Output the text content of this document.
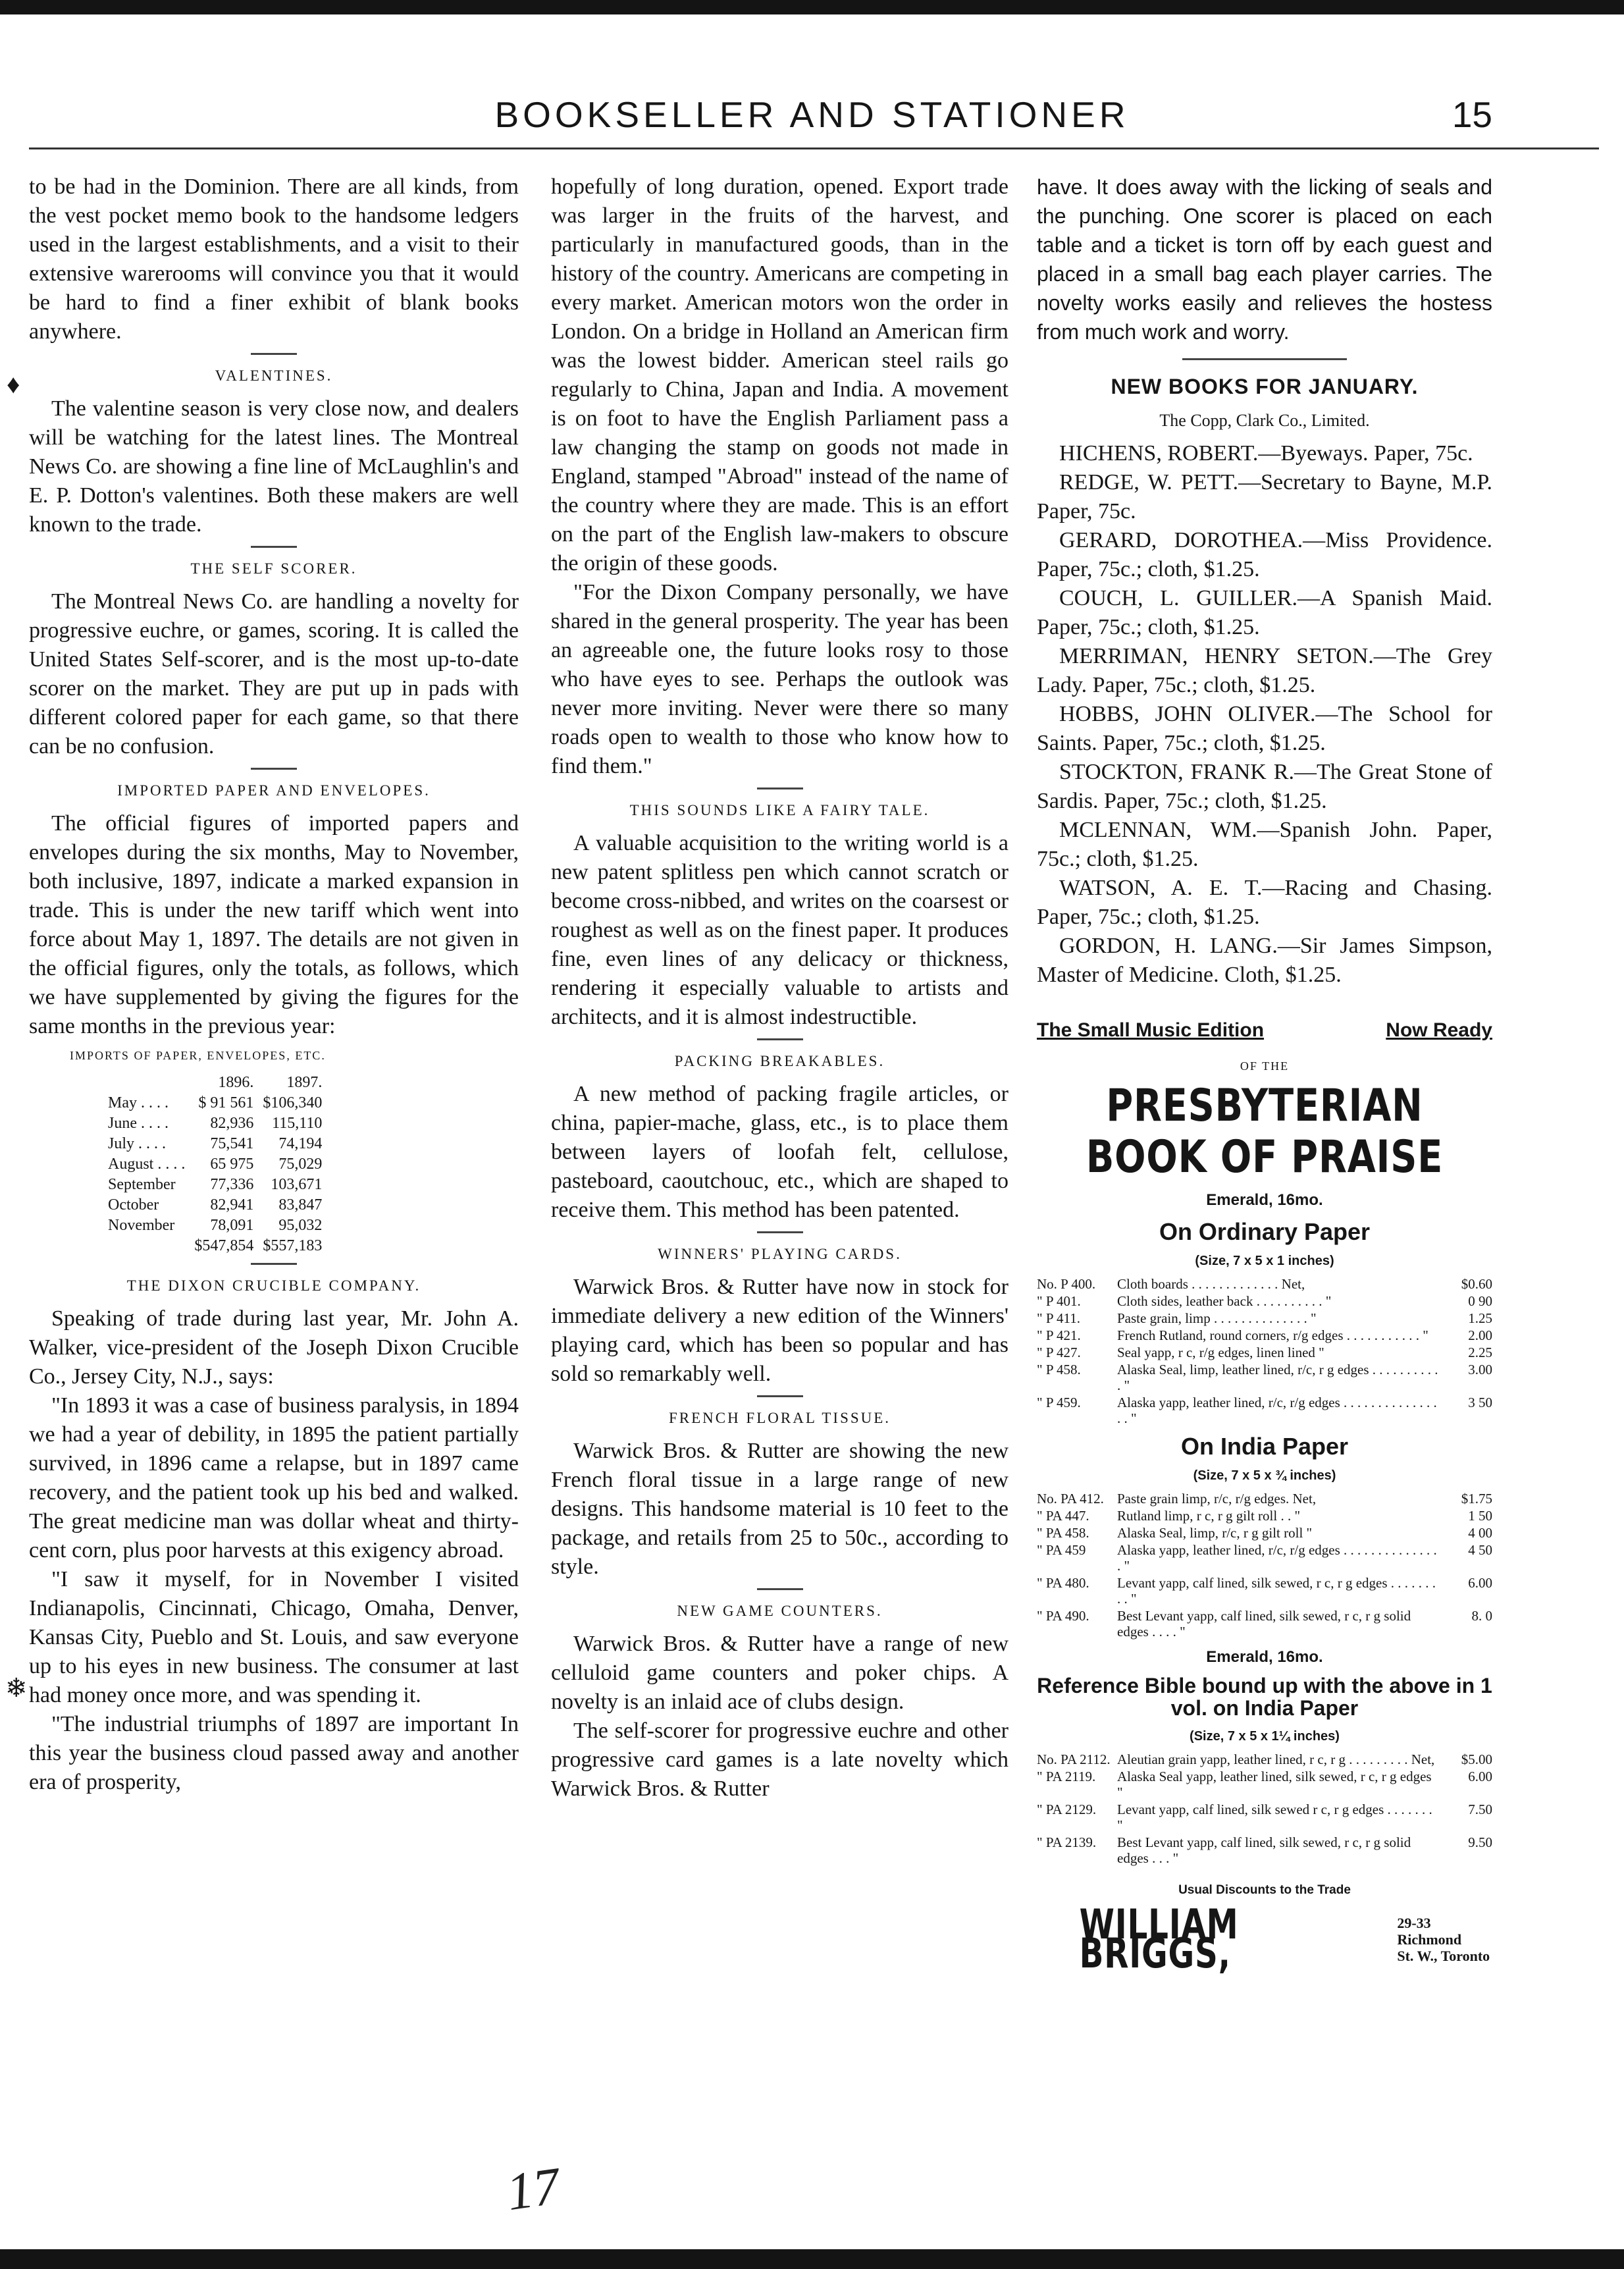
BOOKSELLER AND STATIONER	15

to be had in the Dominion. There are all kinds, from the vest pocket memo book to the handsome ledgers used in the largest establishments, and a visit to their extensive warerooms will convince you that it would be hard to find a finer exhibit of blank books anywhere.

VALENTINES.

The valentine season is very close now, and dealers will be watching for the latest lines. The Montreal News Co. are showing a fine line of McLaughlin's and E. P. Dotton's valentines. Both these makers are well known to the trade.

THE SELF SCORER.

The Montreal News Co. are handling a novelty for progressive euchre, or games, scoring. It is called the United States Self-scorer, and is the most up-to-date scorer on the market. They are put up in pads with different colored paper for each game, so that there can be no confusion.

IMPORTED PAPER AND ENVELOPES.

The official figures of imported papers and envelopes during the six months, May to November, both inclusive, 1897, indicate a marked expansion in trade. This is under the new tariff which went into force about May 1, 1897. The details are not given in the official figures, only the totals, as follows, which we have supplemented by giving the figures for the same months in the previous year:

IMPORTS OF PAPER, ENVELOPES, ETC.
	1896.	1897.
May . . . .	$ 91 561	$106,340
June . . . .	82,936	115,110
July . . . .	75,541	74,194
August . . . .	65 975	75,029
September	77,336	103,671
October	82,941	83,847
November	78,091	95,032
	$547,854	$557,183
THE DIXON CRUCIBLE COMPANY.

Speaking of trade during last year, Mr. John A. Walker, vice-president of the Joseph Dixon Crucible Co., Jersey City, N.J., says:

"In 1893 it was a case of business paralysis, in 1894 we had a year of debility, in 1895 the patient partially survived, in 1896 came a relapse, but in 1897 came recovery, and the patient took up his bed and walked. The great medicine man was dollar wheat and thirty-cent corn, plus poor harvests at this exigency abroad.

"I saw it myself, for in November I visited Indianapolis, Cincinnati, Chicago, Omaha, Denver, Kansas City, Pueblo and St. Louis, and saw everyone up to his eyes in new business. The consumer at last had money once more, and was spending it.

"The industrial triumphs of 1897 are important In this year the business cloud passed away and another era of prosperity,

hopefully of long duration, opened. Export trade was larger in the fruits of the harvest, and particularly in manufactured goods, than in the history of the country. Americans are competing in every market. American motors won the order in London. On a bridge in Holland an American firm was the lowest bidder. American steel rails go regularly to China, Japan and India. A movement is on foot to have the English Parliament pass a law changing the stamp on goods not made in England, stamped "Abroad" instead of the name of the country where they are made. This is an effort on the part of the English law-makers to obscure the origin of these goods.

"For the Dixon Company personally, we have shared in the general prosperity. The year has been an agreeable one, the future looks rosy to those who have eyes to see. Perhaps the outlook was never more inviting. Never were there so many roads open to wealth to those who know how to find them."

THIS SOUNDS LIKE A FAIRY TALE.

A valuable acquisition to the writing world is a new patent splitless pen which cannot scratch or become cross-nibbed, and writes on the coarsest or roughest as well as on the finest paper. It produces fine, even lines of any delicacy or thickness, rendering it especially valuable to artists and architects, and it is almost indestructible.

PACKING BREAKABLES.

A new method of packing fragile articles, or china, papier-mache, glass, etc., is to place them between layers of loofah felt, cellulose, pasteboard, caoutchouc, etc., which are shaped to receive them. This method has been patented.

WINNERS' PLAYING CARDS.

Warwick Bros. & Rutter have now in stock for immediate delivery a new edition of the Winners' playing card, which has been so popular and has sold so remarkably well.

FRENCH FLORAL TISSUE.

Warwick Bros. & Rutter are showing the new French floral tissue in a large range of new designs. This handsome material is 10 feet to the package, and retails from 25 to 50c., according to style.

NEW GAME COUNTERS.

Warwick Bros. & Rutter have a range of new celluloid game counters and poker chips. A novelty is an inlaid ace of clubs design.

The self-scorer for progressive euchre and other progressive card games is a late novelty which Warwick Bros. & Rutter

have. It does away with the licking of seals and the punching. One scorer is placed on each table and a ticket is torn off by each guest and placed in a small bag each player carries. The novelty works easily and relieves the hostess from much work and worry.

NEW BOOKS FOR JANUARY.
The Copp, Clark Co., Limited.

HICHENS, ROBERT.—Byeways. Paper, 75c.

REDGE, W. PETT.—Secretary to Bayne, M.P. Paper, 75c.

GERARD, DOROTHEA.—Miss Providence. Paper, 75c.; cloth, $1.25.

COUCH, L. GUILLER.—A Spanish Maid. Paper, 75c.; cloth, $1.25.

MERRIMAN, HENRY SETON.—The Grey Lady. Paper, 75c.; cloth, $1.25.

HOBBS, JOHN OLIVER.—The School for Saints. Paper, 75c.; cloth, $1.25.

STOCKTON, FRANK R.—The Great Stone of Sardis. Paper, 75c.; cloth, $1.25.

MCLENNAN, WM.—Spanish John. Paper, 75c.; cloth, $1.25.

WATSON, A. E. T.—Racing and Chasing. Paper, 75c.; cloth, $1.25.

GORDON, H. LANG.—Sir James Simpson, Master of Medicine. Cloth, $1.25.

The Small Music Edition	Now Ready
OF THE
PRESBYTERIAN
BOOK OF PRAISE
Emerald, 16mo.
On Ordinary Paper
(Size, 7 x 5 x 1 inches)
No. P 400.	Cloth boards . . . . . . . . . . . . . Net,	$0.60
" P 401.	Cloth sides, leather back . . . . . . . . . . "	0 90
" P 411.	Paste grain, limp . . . . . . . . . . . . . . "	1.25
" P 421.	French Rutland, round corners, r/g edges . . . . . . . . . . . "	2.00
" P 427.	Seal yapp, r c, r/g edges, linen lined "	2.25
" P 458.	Alaska Seal, limp, leather lined, r/c, r g edges . . . . . . . . . . . "	3.00
" P 459.	Alaska yapp, leather lined, r/c, r/g edges . . . . . . . . . . . . . . . . "	3 50
On India Paper
(Size, 7 x 5 x ¾ inches)
No. PA 412.	Paste grain limp, r/c, r/g edges. Net,	$1.75
" PA 447.	Rutland limp, r c, r g gilt roll . . "	1 50
" PA 458.	Alaska Seal, limp, r/c, r g gilt roll "	4 00
" PA 459	Alaska yapp, leather lined, r/c, r/g edges . . . . . . . . . . . . . . . "	4 50
" PA 480.	Levant yapp, calf lined, silk sewed, r c, r g edges . . . . . . . . . "	6.00
" PA 490.	Best Levant yapp, calf lined, silk sewed, r c, r g solid edges . . . . "	8. 0
Emerald, 16mo.
Reference Bible bound up with the above in 1 vol. on India Paper
(Size, 7 x 5 x 1¼ inches)
No. PA 2112.	Aleutian grain yapp, leather lined, r c, r g . . . . . . . . . Net,	$5.00
" PA 2119.	Alaska Seal yapp, leather lined, silk sewed, r c, r g edges "	6.00
" PA 2129.	Levant yapp, calf lined, silk sewed r c, r g edges . . . . . . . "	7.50
" PA 2139.	Best Levant yapp, calf lined, silk sewed, r c, r g solid edges . . . "	9.50
Usual Discounts to the Trade
WILLIAM BRIGGS,
29-33 Richmond
St. W., Toronto
♦
❄
17
